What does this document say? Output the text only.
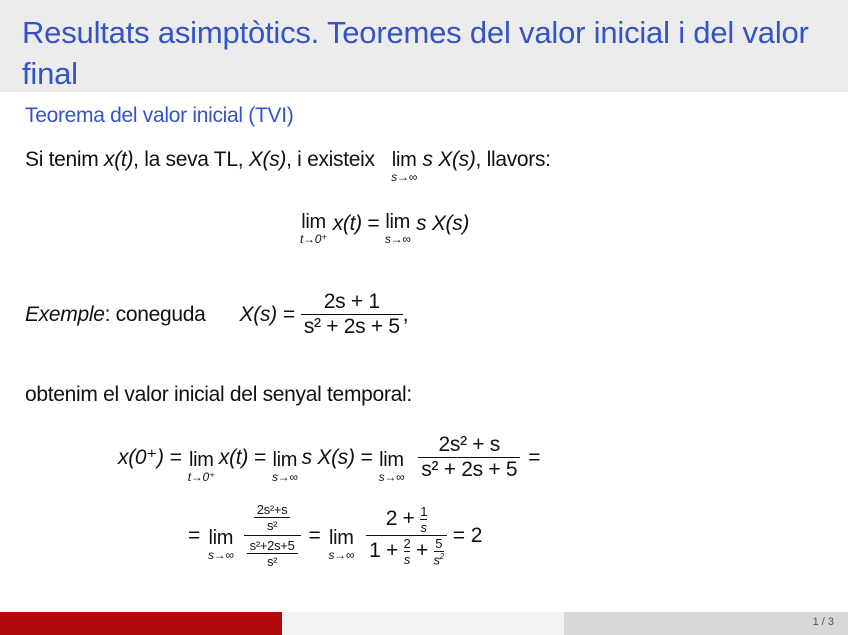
Resultats asimptòtics. Teoremes del valor inicial i del valor final
Teorema del valor inicial (TVI)
Si tenim x(t), la seva TL, X(s), i existeix lim
s→∞
s X(s), llavors:
lim
t→0⁺
x(t) = lim
s→∞
s X(s)
Exemple : coneguda $X(s) = \frac{2s + 1}{\text{s² + 2s + 5}}$ ,
obtenim el valor inicial del senyal temporal:
x(0⁺) = lim
t→0⁺
x(t) = lim
s→∞
s X(s) = lim
$s\to\infty \frac{\text{2s² + s}}{\text{s² + 2s + 5}}$ =
= lim
$s\to\infty \frac{\frac{\text{2s²+s}}{\text{s²}}}{\frac{\text{s²+2s+5}}{\text{s²}}} = \lim$
$s\to\infty \frac{2 + \frac{1}{s}}{1 + \frac{2}{s} + \frac{5}{s^2}} = 2$
1 / 3
